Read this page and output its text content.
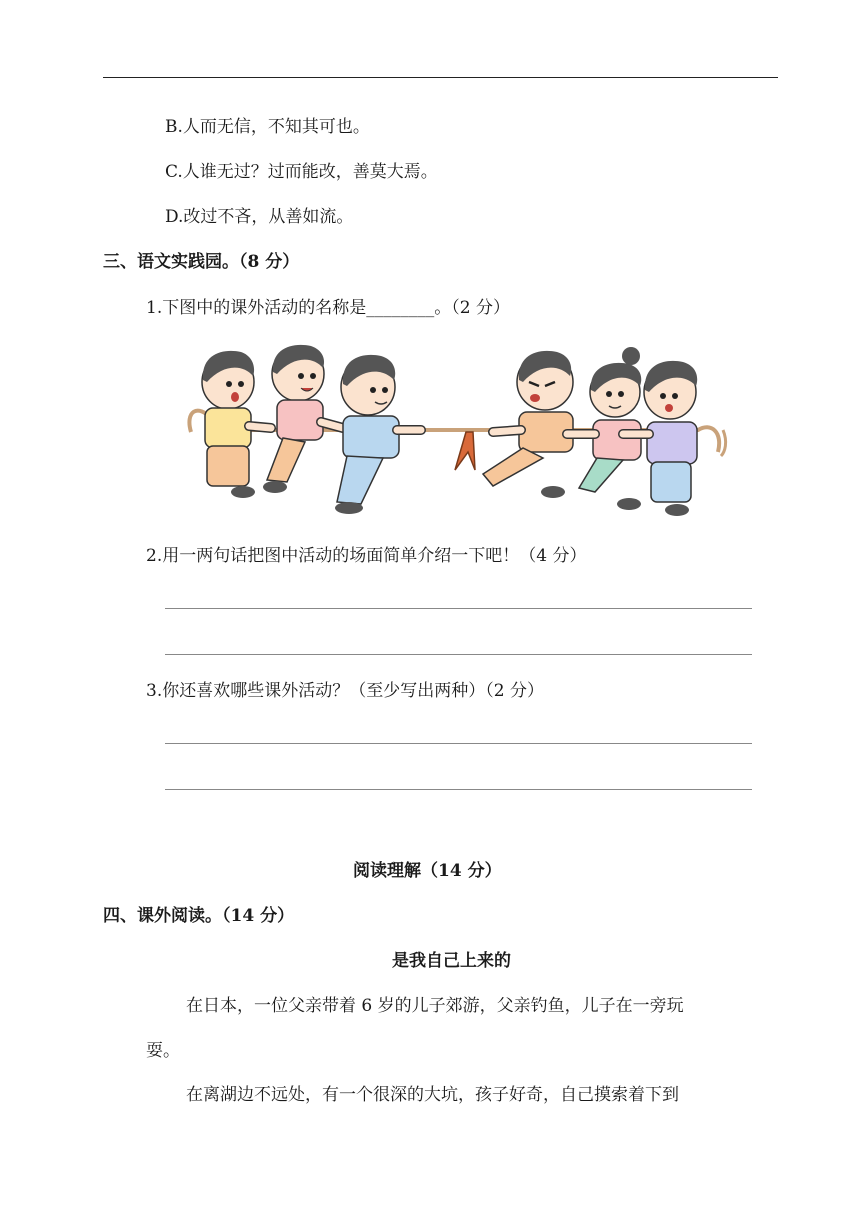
B.人而无信，不知其可也。
C.人谁无过？过而能改，善莫大焉。
D.改过不吝，从善如流。
三、语文实践园。（8 分）
1.下图中的课外活动的名称是________。（2 分）
2.用一两句话把图中活动的场面简单介绍一下吧！（4 分）
3.你还喜欢哪些课外活动？（至少写出两种）（2 分）
阅读理解（14 分）
四、课外阅读。（14 分）
是我自己上来的
在日本，一位父亲带着 6 岁的儿子郊游，父亲钓鱼，儿子在一旁玩
耍。
在离湖边不远处，有一个很深的大坑，孩子好奇，自己摸索着下到
